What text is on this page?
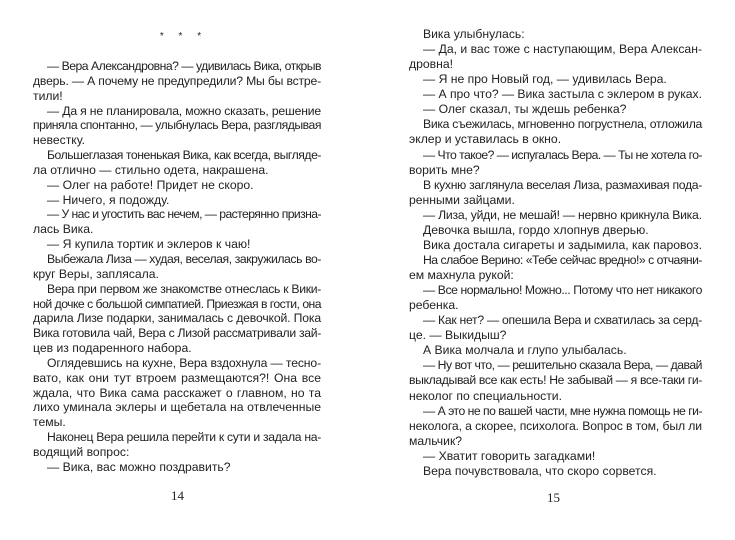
* * *
— Вера Александровна? — удивилась Вика, открыв
дверь. — А почему не предупредили? Мы бы встре-
тили!
— Да я не планировала, можно сказать, решение
приняла спонтанно, — улыбнулась Вера, разглядывая
невестку.
Большеглазая тоненькая Вика, как всегда, выгляде-
ла отлично — стильно одета, накрашена.
— Олег на работе! Придет не скоро.
— Ничего, я подожду.
— У нас и угостить вас нечем, — растерянно призна-
лась Вика.
— Я купила тортик и эклеров к чаю!
Выбежала Лиза — худая, веселая, закружилась во-
круг Веры, заплясала.
Вера при первом же знакомстве отнеслась к Вики-
ной дочке с большой симпатией. Приезжая в гости, она
дарила Лизе подарки, занималась с девочкой. Пока
Вика готовила чай, Вера с Лизой рассматривали зай-
цев из подаренного набора.
Оглядевшись на кухне, Вера вздохнула — тесно-
вато, как они тут втроем размещаются?! Она все
ждала, что Вика сама расскажет о главном, но та
лихо уминала эклеры и щебетала на отвлеченные
темы.
Наконец Вера решила перейти к сути и задала на-
водящий вопрос:
— Вика, вас можно поздравить?
14
Вика улыбнулась:
— Да, и вас тоже с наступающим, Вера Алексан-
дровна!
— Я не про Новый год, — удивилась Вера.
— А про что? — Вика застыла с эклером в руках.
— Олег сказал, ты ждешь ребенка?
Вика съежилась, мгновенно погрустнела, отложила
эклер и уставилась в окно.
— Что такое? — испугалась Вера. — Ты не хотела го-
ворить мне?
В кухню заглянула веселая Лиза, размахивая пода-
ренными зайцами.
— Лиза, уйди, не мешай! — нервно крикнула Вика.
Девочка вышла, гордо хлопнув дверью.
Вика достала сигареты и задымила, как паровоз.
На слабое Верино: «Тебе сейчас вредно!» с отчаяни-
ем махнула рукой:
— Все нормально! Можно... Потому что нет никакого
ребенка.
— Как нет? — опешила Вера и схватилась за серд-
це. — Выкидыш?
А Вика молчала и глупо улыбалась.
— Ну вот что, — решительно сказала Вера, — давай
выкладывай все как есть! Не забывай — я все-таки ги-
неколог по специальности.
— А это не по вашей части, мне нужна помощь не ги-
неколога, а скорее, психолога. Вопрос в том, был ли
мальчик?
— Хватит говорить загадками!
Вера почувствовала, что скоро сорвется.
15
